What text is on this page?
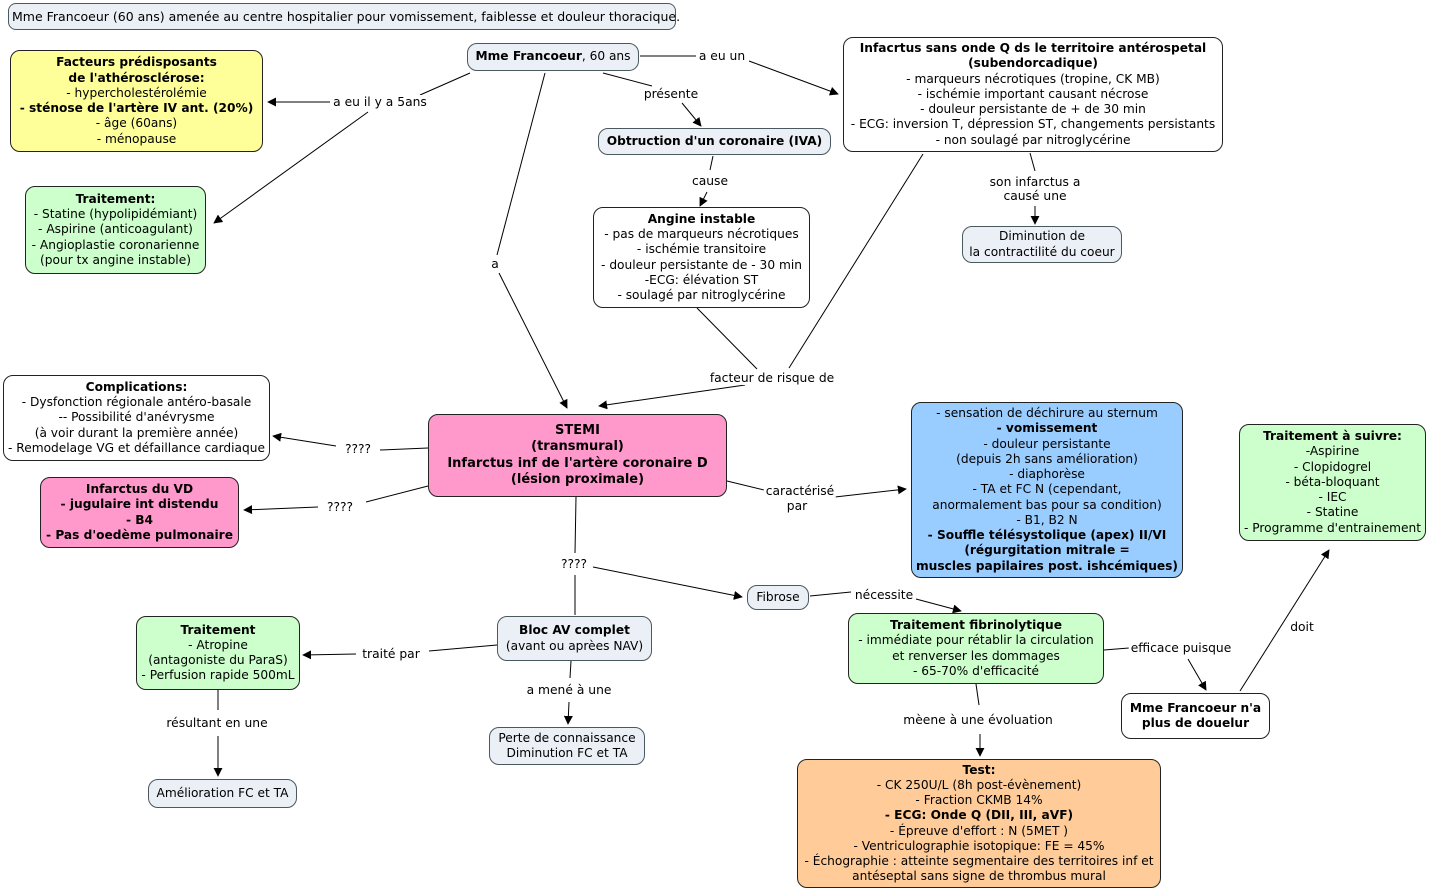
Mme Francoeur (60 ans) amenée au centre hospitalier pour vomissement, faiblesse et douleur thoracique.
Mme Francoeur, 60 ans
Facteurs prédisposants
de l'athérosclérose:
- hypercholestérolémie
- sténose de l'artère IV ant. (20%)
- âge (60ans)
- ménopause
Traitement:
- Statine (hypolipidémiant)
- Aspirine (anticoagulant)
- Angioplastie coronarienne
(pour tx angine instable)
Infacrtus sans onde Q ds le territoire antérospetal
(subendorcadique)
- marqueurs nécrotiques (tropine, CK MB)
- ischémie important causant nécrose
- douleur persistante de + de 30 min
- ECG: inversion T, dépression ST, changements persistants
- non soulagé par nitroglycérine
Obtruction d'un coronaire (IVA)
Angine instable
- pas de marqueurs nécrotiques
- ischémie transitoire
- douleur persistante de - 30 min
-ECG: élévation ST
- soulagé par nitroglycérine
Diminution de
la contractilité du coeur
Complications:
- Dysfonction régionale antéro-basale
-- Possibilité d'anévrysme
(à voir durant la première année)
- Remodelage VG et défaillance cardiaque
Infarctus du VD
- jugulaire int distendu
- B4
- Pas d'oedème pulmonaire
STEMI
(transmural)
Infarctus inf de l'artère coronaire D
(lésion proximale)
- sensation de déchirure au sternum
- vomissement
- douleur persistante
(depuis 2h sans amélioration)
- diaphorèse
- TA et FC N (cependant,
anormalement bas pour sa condition)
- B1, B2 N
- Souffle télésystolique (apex) II/VI
(régurgitation mitrale =
muscles papilaires post. ishcémiques)
Traitement à suivre:
-Aspirine
- Clopidogrel
- béta-bloquant
- IEC
- Statine
- Programme d'entrainement
Traitement
- Atropine
(antagoniste du ParaS)
- Perfusion rapide 500mL
Bloc AV complet
(avant ou aprèes NAV)
Fibrose
Traitement fibrinolytique
- immédiate pour rétablir la circulation
et renverser les dommages
- 65-70% d'efficacité
Mme Francoeur n'a
plus de douelur
Perte de connaissance
Diminution FC et TA
Amélioration FC et TA
Test:
- CK 250U/L (8h post-évènement)
- Fraction CKMB 14%
- ECG: Onde Q (DII, III, aVF)
- Épreuve d'effort : N (5MET )
- Ventriculographie isotopique: FE = 45%
- Échographie : atteinte segmentaire des territoires inf et
antéseptal sans signe de thrombus mural
a eu il y a 5ans
a eu un
présente
cause	son infarctus a
causé une
facteur de risque de
????
????
????
caractérisé
par
nécessite
efficace puisque
doit
traité par
a mené à une
résultant en une	mèene à une évoluation
a
